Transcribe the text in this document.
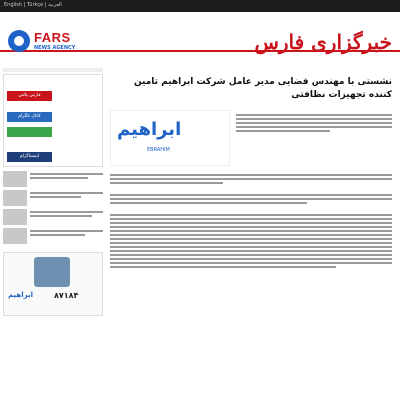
English | Türkçe | العربية
FARS
NEWS AGENCY	خبرگزاری فارس
فارس پلاس کانال تلگرام  اینستاگرام
ابراهیم	۸۷۱۸۴
نشستی با مهندس فضایی مدیر عامل شرکت ابراهیم تامین کننده تجهیزات نظافتی
ابراهیم
EBRAHIM
